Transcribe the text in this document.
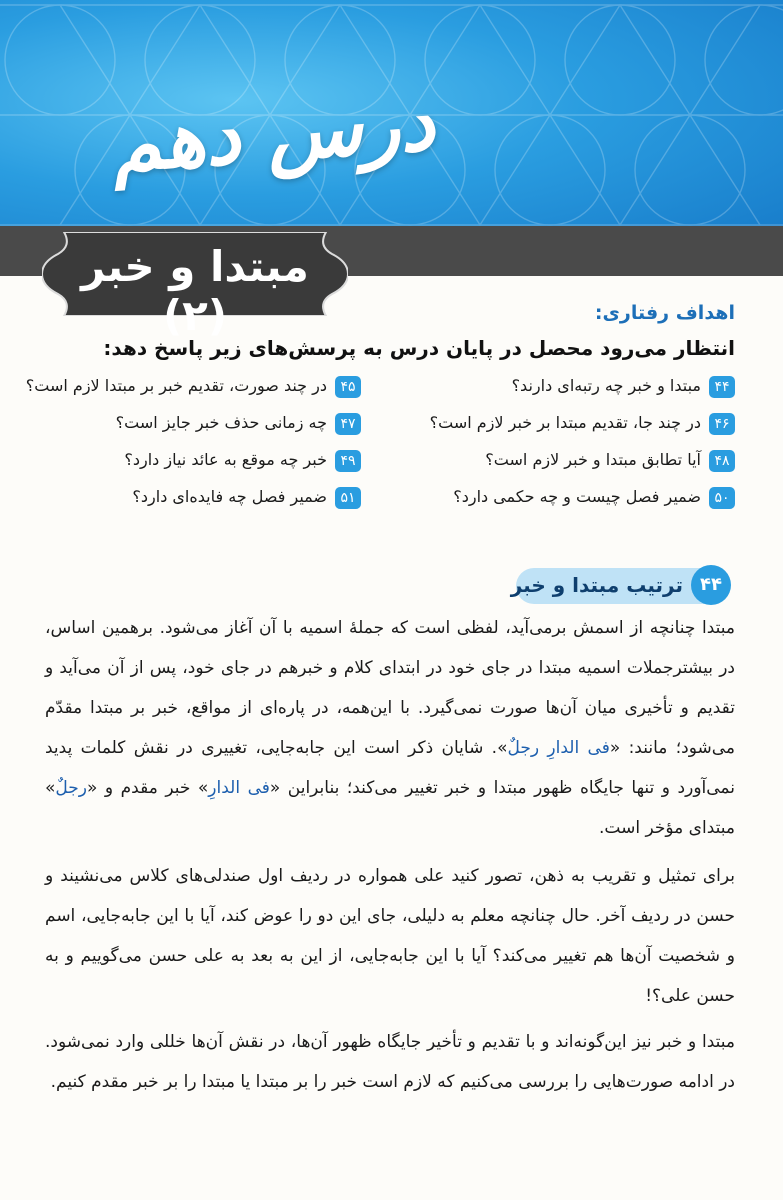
درس دهم
مبتدا و خبر (۲)	اهداف رفتاری:
انتظار می‌رود محصل در پایان درس به پرسش‌های زیر پاسخ دهد:
۴۴مبتدا و خبر چه رتبه‌ای دارند؟
۴۵در چند صورت، تقدیم خبر بر مبتدا لازم است؟
۴۶در چند جا، تقدیم مبتدا بر خبر لازم است؟
۴۷چه زمانی حذف خبر جایز است؟
۴۸آیا تطابق مبتدا و خبر لازم است؟
۴۹خبر چه موقع به عائد نیاز دارد؟
۵۰ضمیر فصل چیست و چه حکمی دارد؟
۵۱ضمیر فصل چه فایده‌ای دارد؟
۴۴
ترتیب مبتدا و خبر
مبتدا چنانچه از اسمش برمی‌آید، لفظی است که جملۀ اسمیه با آن آغاز می‌شود. برهمین اساس، در بیشترجملات اسمیه مبتدا در جای خود در ابتدای کلام و خبرهم در جای خود، پس از آن می‌آید و تقدیم و تأخیری میان آن‌ها صورت نمی‌گیرد. با این‌همه، در پاره‌ای از مواقع، خبر بر مبتدا مقدّم می‌شود؛ مانند: «فی الدارِ رجلٌ». شایان ذکر است این جابه‌جایی، تغییری در نقش کلمات پدید نمی‌آورد و تنها جایگاه ظهور مبتدا و خبر تغییر می‌کند؛ بنابراین «فی الدارِ» خبر مقدم و «رجلٌ» مبتدای مؤخر است.
برای تمثیل و تقریب به ذهن، تصور کنید علی همواره در ردیف اول صندلی‌های کلاس می‌نشیند و حسن در ردیف آخر. حال چنانچه معلم به دلیلی، جای این دو را عوض کند، آیا با این جابه‌جایی، اسم و شخصیت آن‌ها هم تغییر می‌کند؟ آیا با این جابه‌جایی، از این به بعد به علی حسن می‌گوییم و به حسن علی؟!
مبتدا و خبر نیز این‌گونه‌اند و با تقدیم و تأخیر جایگاه ظهور آن‌ها، در نقش آن‌ها خللی وارد نمی‌شود. در ادامه صورت‌هایی را بررسی می‌کنیم که لازم است خبر را بر مبتدا یا مبتدا را بر خبر مقدم کنیم.
